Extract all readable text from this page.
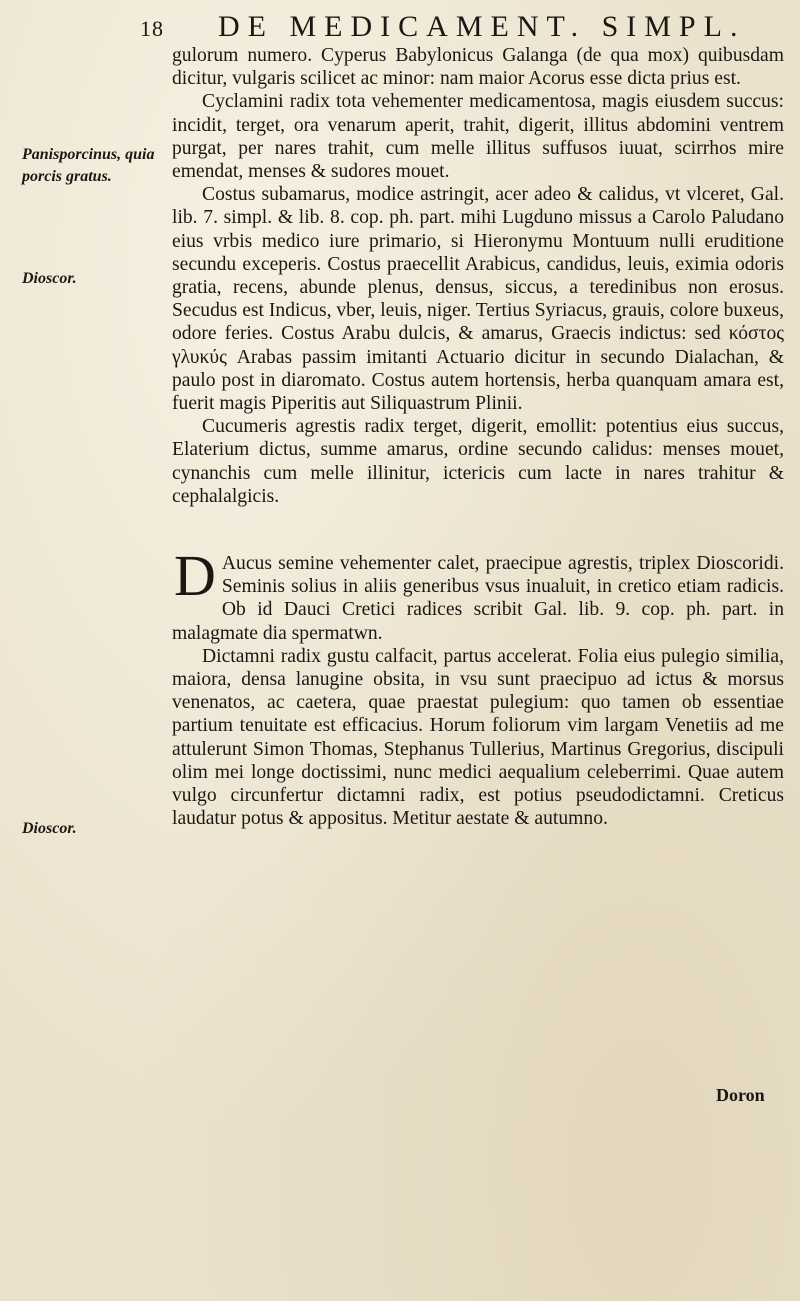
18 DE MEDICAMENT. SIMPL.
Panisporcinus, quia porcis gratus.
Dioscor.
Dioscor.

gulorum numero. Cyperus Babylonicus Galanga (de qua mox) quibusdam dicitur, vulgaris scilicet ac minor: nam maior Acorus esse dicta prius est.

Cyclamini radix tota vehementer medicamentosa, magis eiusdem succus: incidit, terget, ora venarum aperit, trahit, digerit, illitus abdomini ventrem purgat, per nares trahit, cum melle illitus suffusos iuuat, scirrhos mire emendat, menses & sudores mouet.

Costus subamarus, modice astringit, acer adeo & calidus, vt vlceret, Gal. lib. 7. simpl. & lib. 8. cop. ph. part. mihi Lugduno missus a Carolo Paludano eius vrbis medico iure primario, si Hieronymu Montuum nulli eruditione secundu exceperis. Costus praecellit Arabicus, candidus, leuis, eximia odoris gratia, recens, abunde plenus, densus, siccus, a teredinibus non erosus. Secudus est Indicus, vber, leuis, niger. Tertius Syriacus, grauis, colore buxeus, odore feries. Costus Arabu dulcis, & amarus, Graecis indictus: sed κόστος γλυκύς Arabas passim imitanti Actuario dicitur in secundo Dialachan, & paulo post in diaromato. Costus autem hortensis, herba quanquam amara est, fuerit magis Piperitis aut Siliquastrum Plinii.

Cucumeris agrestis radix terget, digerit, emollit: potentius eius succus, Elaterium dictus, summe amarus, ordine secundo calidus: menses mouet, cynanchis cum melle illinitur, ictericis cum lacte in nares trahitur & cephalalgicis.

D Aucus semine vehementer calet, praecipue agrestis, triplex Dioscoridi. Seminis solius in aliis generibus vsus inualuit, in cretico etiam radicis. Ob id Dauci Cretici radices scribit Gal. lib. 9. cop. ph. part. in malagmate dia spermatwn.

Dictamni radix gustu calfacit, partus accelerat. Folia eius pulegio similia, maiora, densa lanugine obsita, in vsu sunt praecipuo ad ictus & morsus venenatos, ac caetera, quae praestat pulegium: quo tamen ob essentiae partium tenuitate est efficacius. Horum foliorum vim largam Venetiis ad me attulerunt Simon Thomas, Stephanus Tullerius, Martinus Gregorius, discipuli olim mei longe doctissimi, nunc medici aequalium celeberrimi. Quae autem vulgo circunfertur dictamni radix, est potius pseudodictamni. Creticus laudatur potus & appositus. Metitur aestate & autumno.

Doron
